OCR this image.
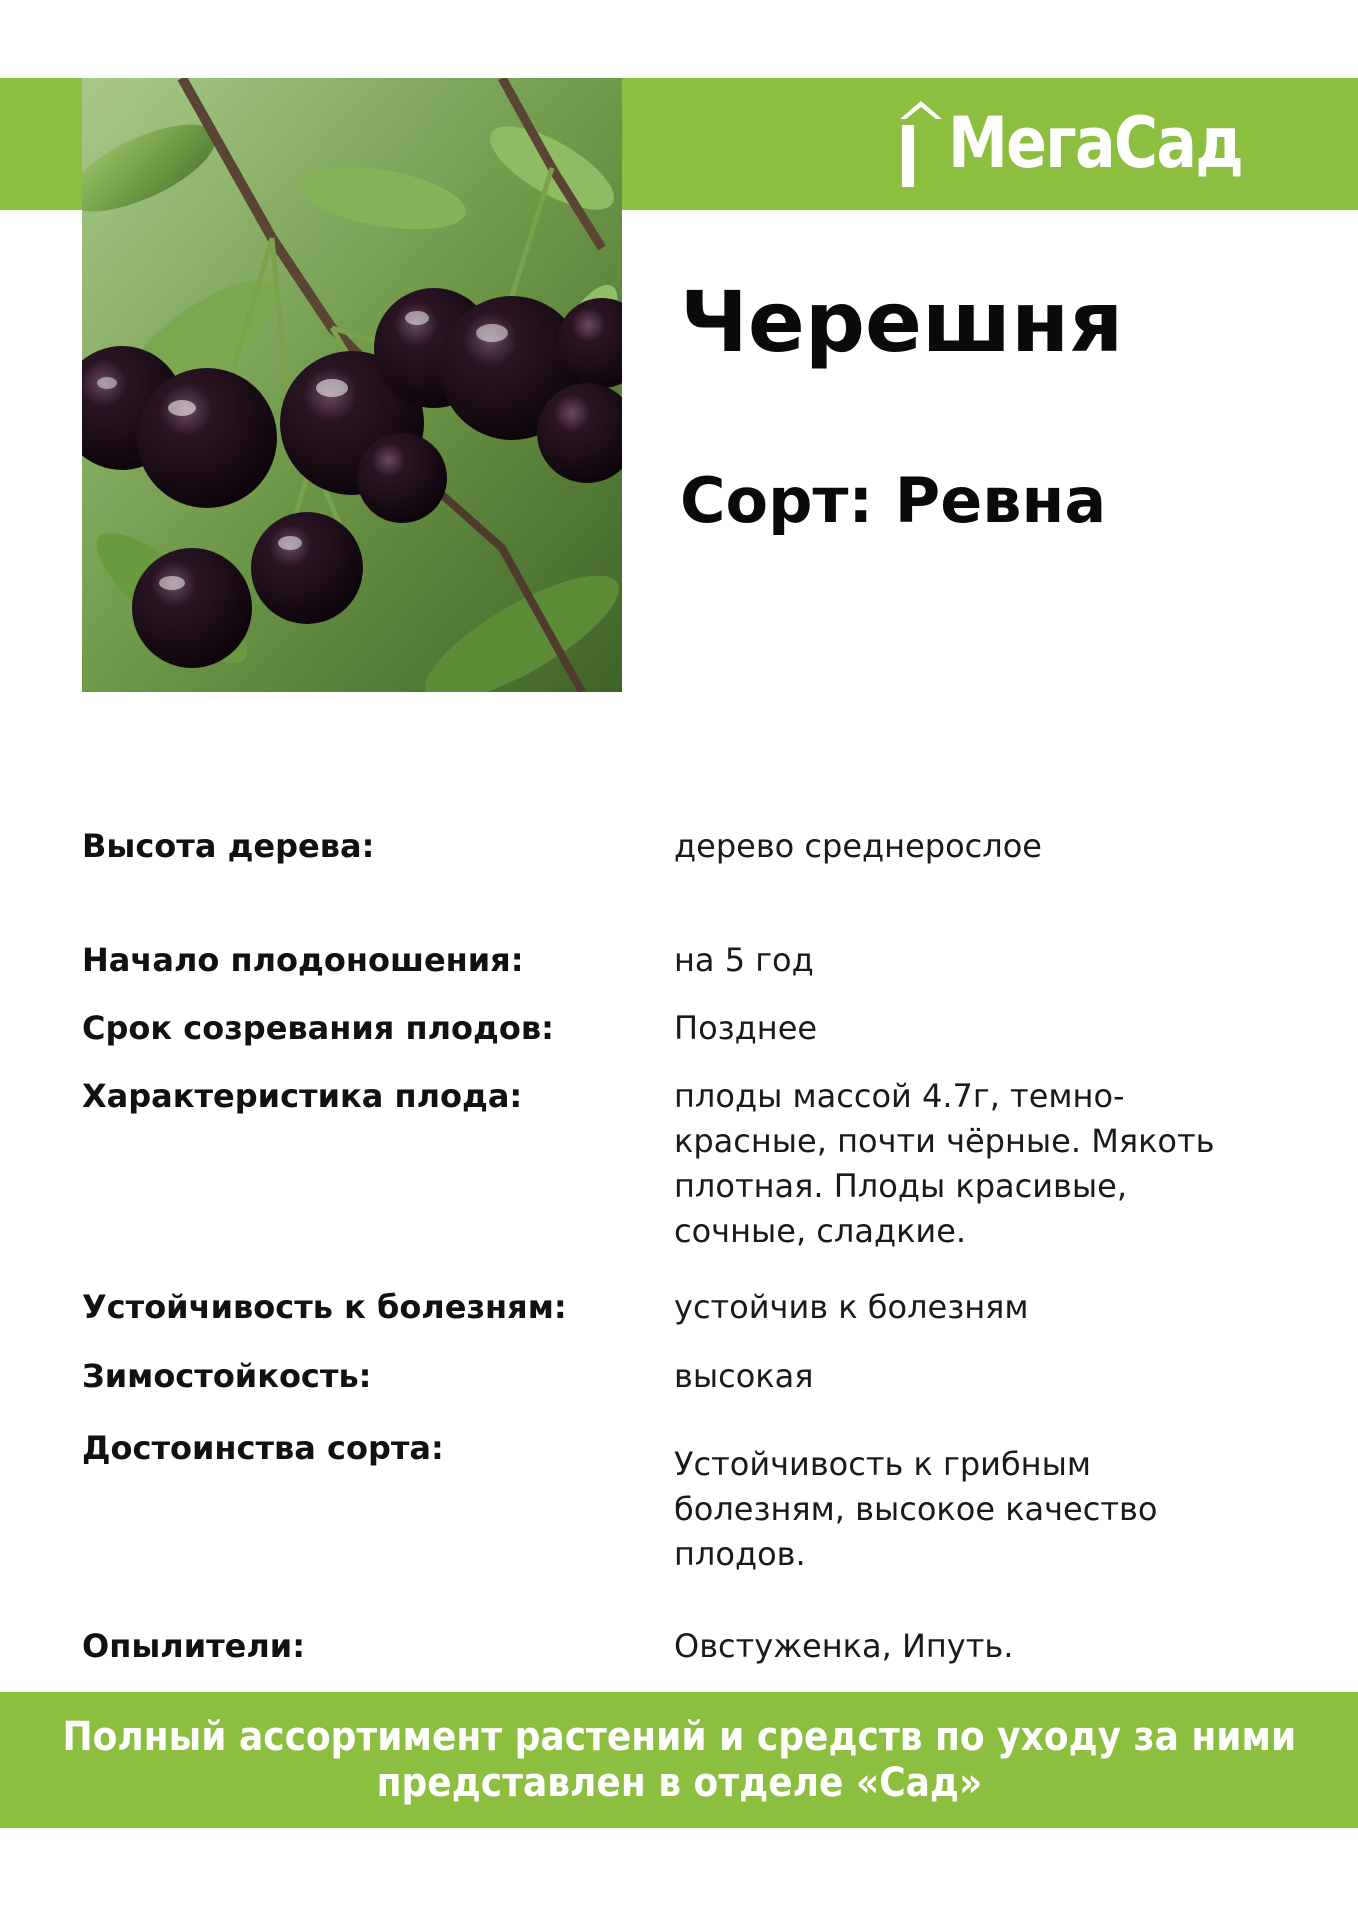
МегаСад
Черешня
Сорт: Ревна
Высота дерева:	дерево среднерослое
Начало плодоношения:	на 5 год
Срок созревания плодов:	Позднее
Характеристика плода:	плоды массой 4.7г, темно-красные, почти чёрные. Мякоть плотная. Плоды красивые, сочные, сладкие.
Устойчивость к болезням:	устойчив к болезням
Зимостойкость:	высокая
Достоинства сорта:	Устойчивость к грибным болезням, высокое качество плодов.
Опылители:	Овстуженка, Ипуть.
Полный ассортимент растений и средств по уходу за ними
представлен в отделе «Сад»
